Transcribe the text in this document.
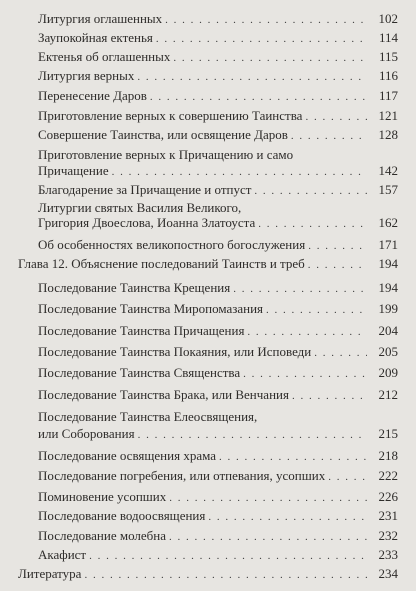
Литургия оглашенных . . .	102
Заупокойная ектенья . . .	114
Ектенья об оглашенных . . .	115
Литургия верных . . .	116
Перенесение Даров . . .	117
Приготовление верных к совершению Таинства . . .	121
Совершение Таинства, или освящение Даров . . .	128
Приготовление верных к Причащению и само
Причащение . . .	142
Благодарение за Причащение и отпуст . . .	157
Литургии святых Василия Великого,
Григория Двоеслова, Иоанна Златоуста . . .	162
Об особенностях великопостного богослужения . . .	171
Глава 12. Объяснение последований Таинств и треб . . .	194
Последование Таинства Крещения . . .	194
Последование Таинства Миропомазания . . .	199
Последование Таинства Причащения . . .	204
Последование Таинства Покаяния, или Исповеди . . .	205
Последование Таинства Священства . . .	209
Последование Таинства Брака, или Венчания . . .	212
Последование Таинства Елеосвящения,
или Соборования . . .	215
Последование освящения храма . . .	218
Последование погребения, или отпевания, усопших . . .	222
Поминовение усопших . . .	226
Последование водоосвящения . . .	231
Последование молебна . . .	232
Акафист . . .	233
Литература . . .	234
